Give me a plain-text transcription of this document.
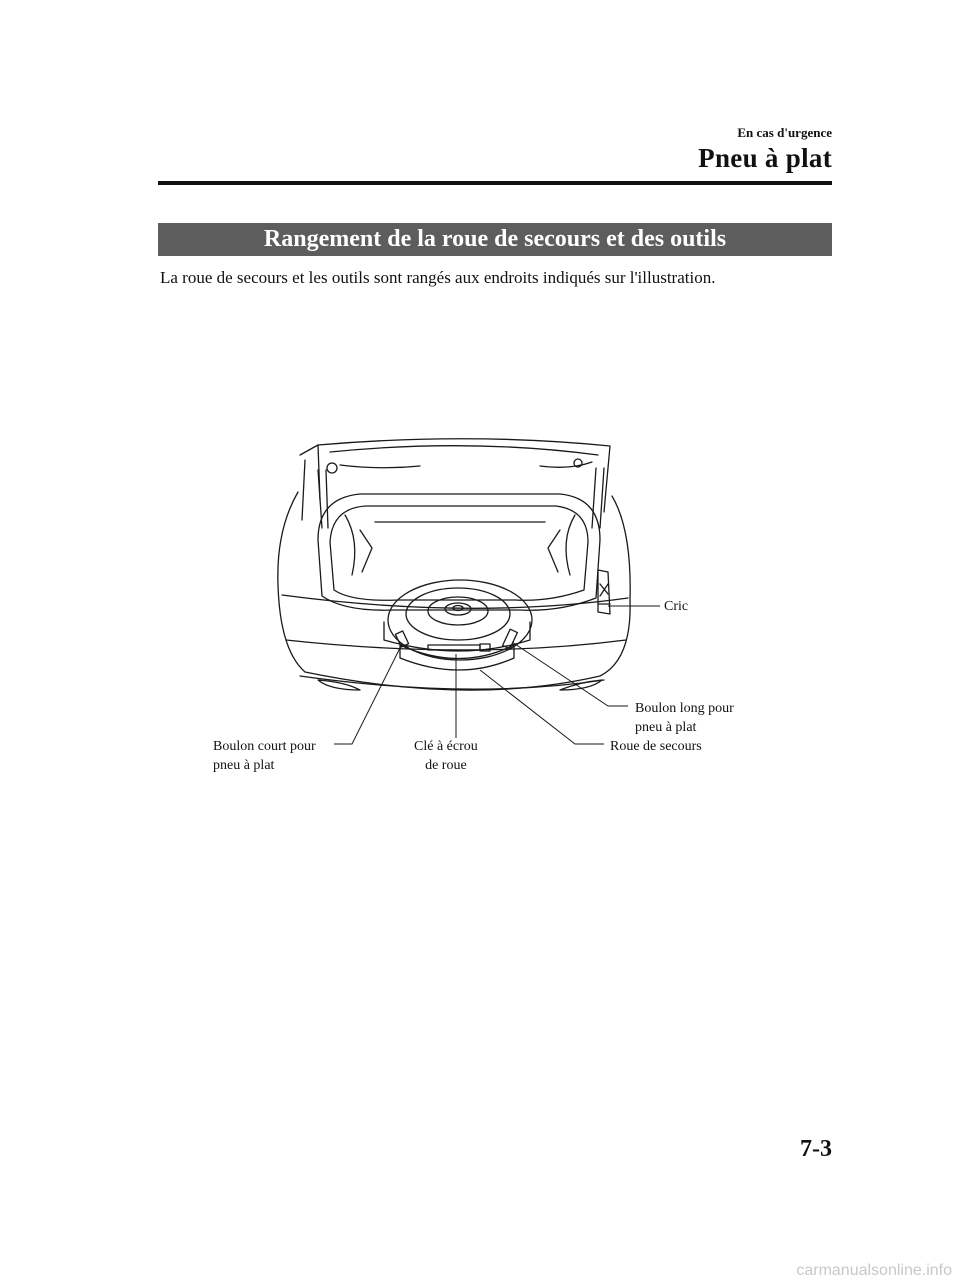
En cas d'urgence
Pneu à plat
Rangement de la roue de secours et des outils
La roue de secours et les outils sont rangés aux endroits indiqués sur l'illustration.
Cric
Boulon long pour
pneu à plat
Boulon court pour
pneu à plat
Clé à écrou
de roue
Roue de secours
7-3
carmanualsonline.info
